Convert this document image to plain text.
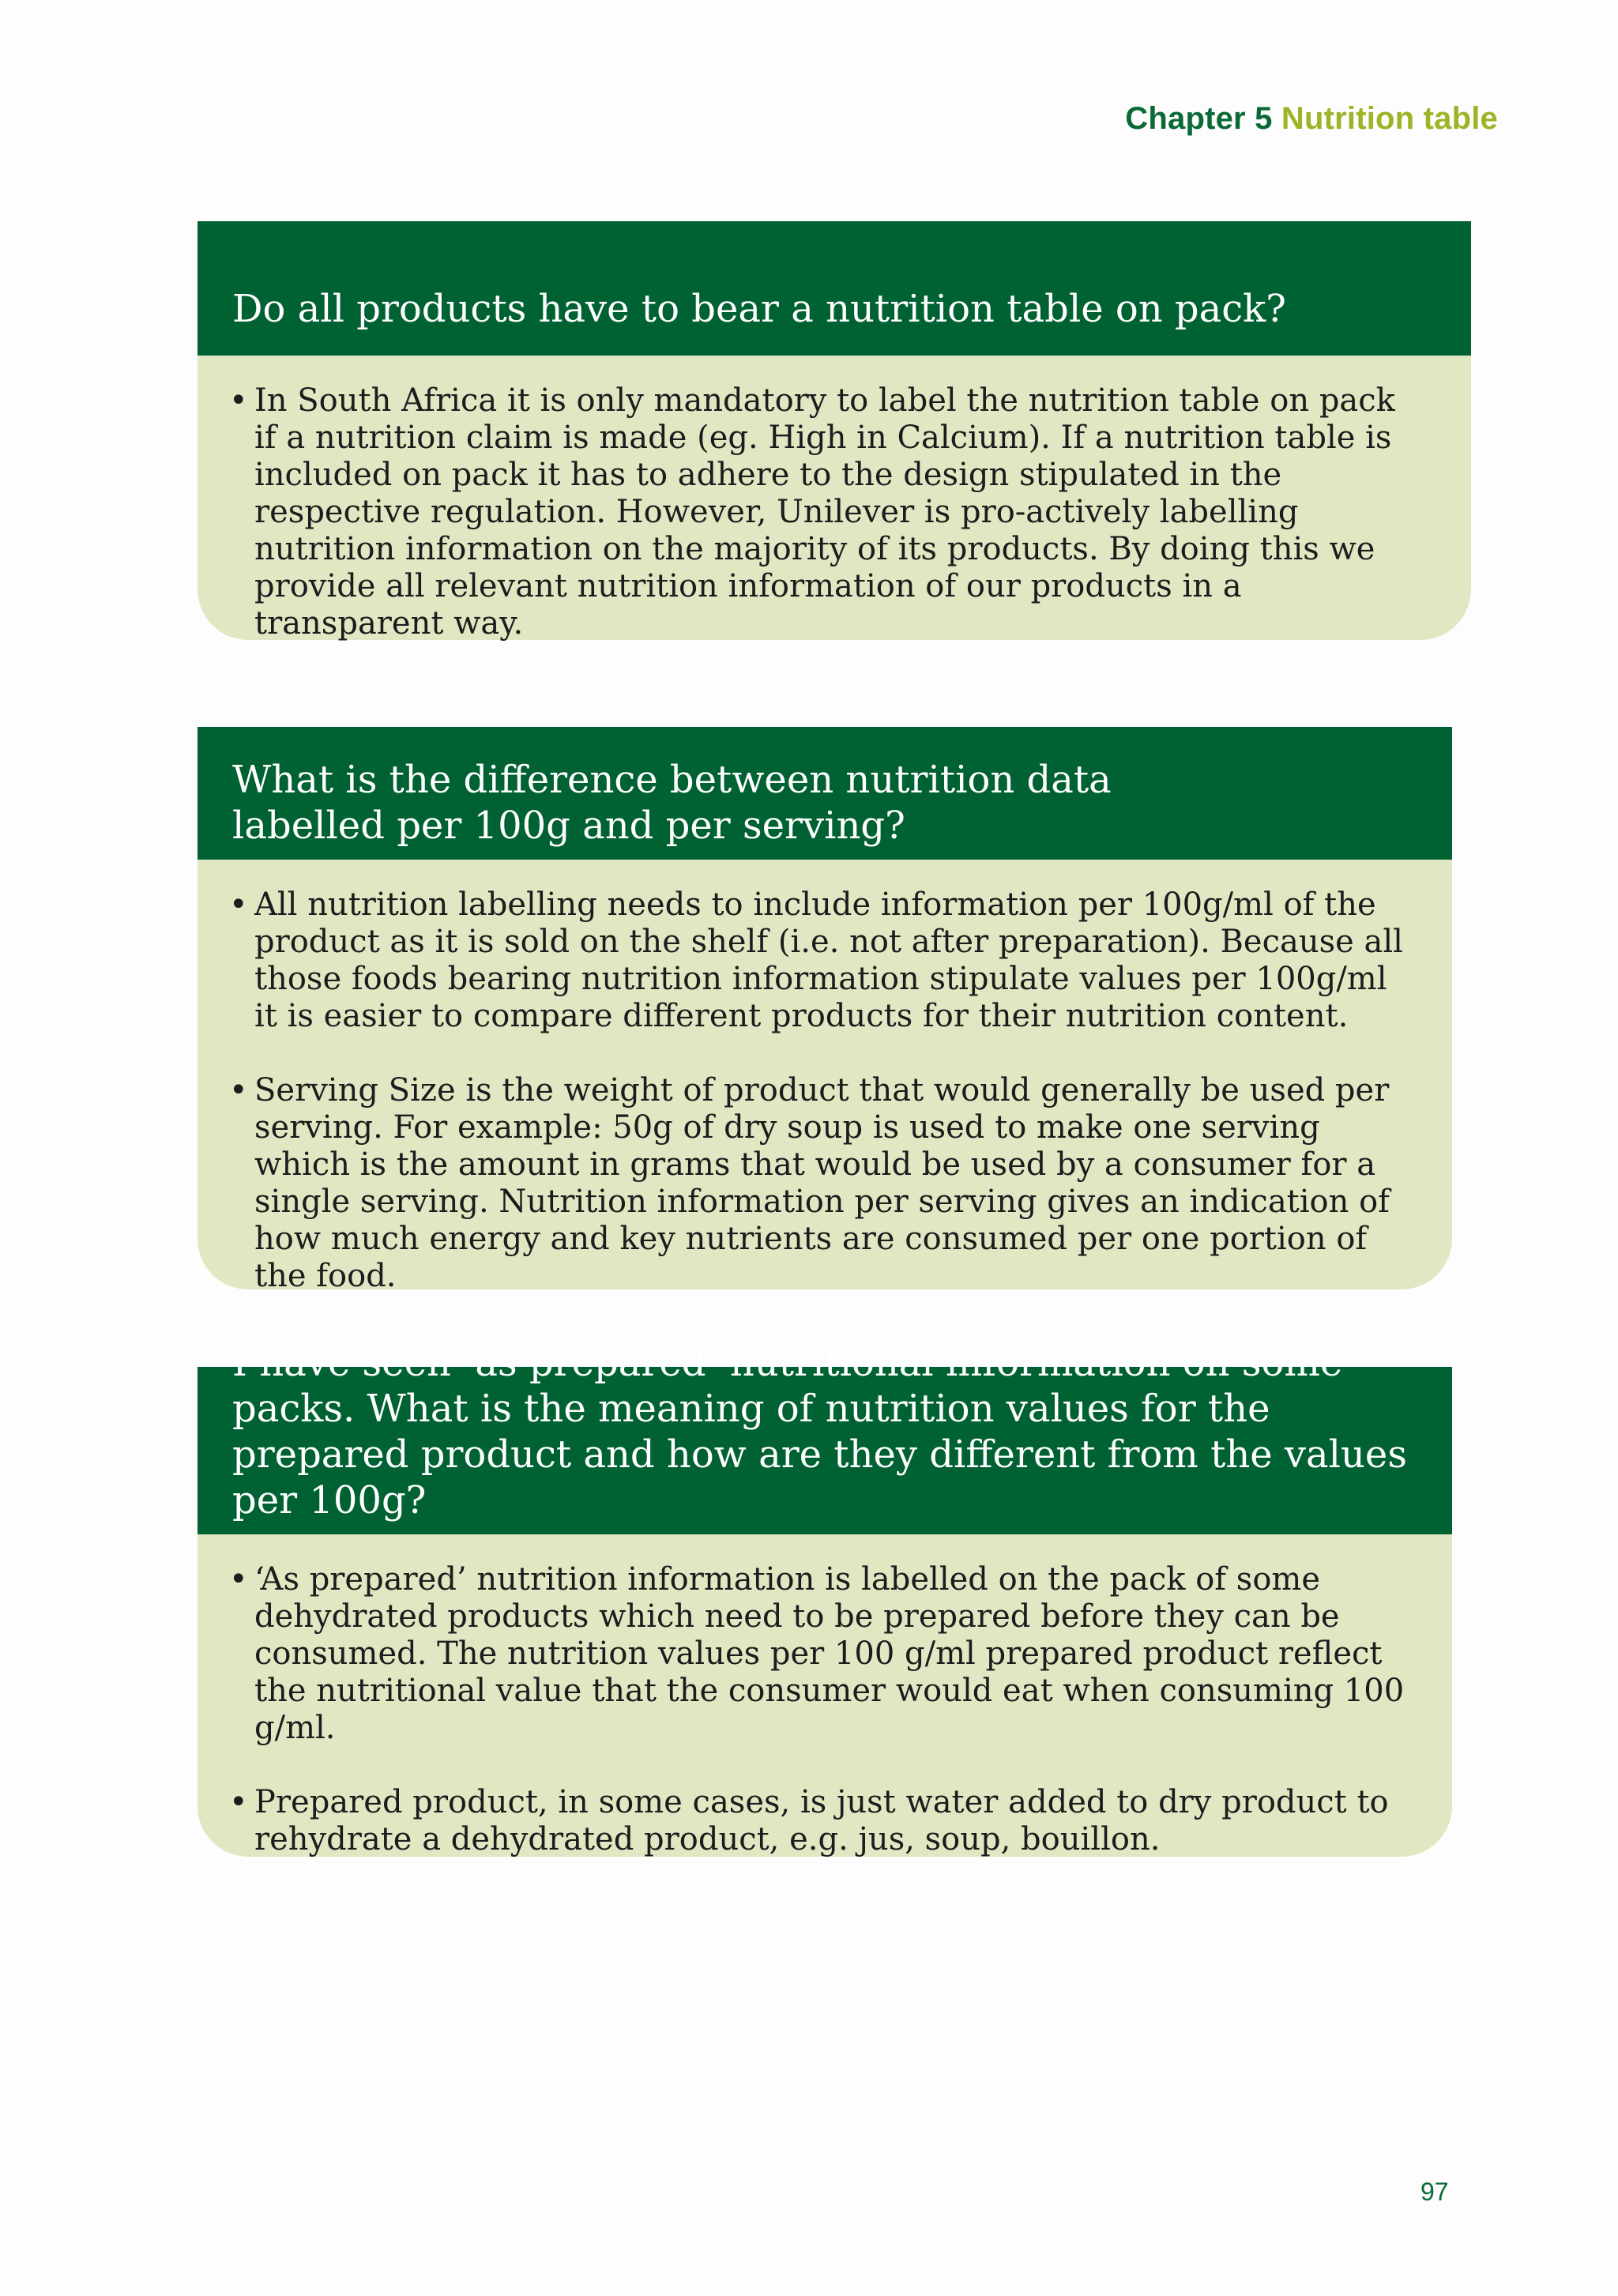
Chapter 5 Nutrition table
Do all products have to bear a nutrition table on pack?
• In South Africa it is only mandatory to label the nutrition table on pack if a nutrition claim is made (eg. High in Calcium). If a nutrition table is included on pack it has to adhere to the design stipulated in the respective regulation. However, Unilever is pro-actively labelling nutrition information on the majority of its products. By doing this we provide all relevant nutrition information of our products in a transparent way.
What is the difference between nutrition data labelled per 100g and per serving?
• All nutrition labelling needs to include information per 100g/ml of the product as it is sold on the shelf (i.e. not after preparation). Because all those foods bearing nutrition information stipulate values per 100g/ml it is easier to compare different products for their nutrition content.
• Serving Size is the weight of product that would generally be used per serving. For example: 50g of dry soup is used to make one serving which is the amount in grams that would be used by a consumer for a single serving. Nutrition information per serving gives an indication of how much energy and key nutrients are consumed per one portion of the food.
I have seen ‘as prepared’ nutritional information on some packs. What is the meaning of nutrition values for the prepared product and how are they different from the values per 100g?
• ‘As prepared’ nutrition information is labelled on the pack of some dehydrated products which need to be prepared before they can be consumed. The nutrition values per 100 g/ml prepared product reflect the nutritional value that the consumer would eat when consuming 100 g/ml.
• Prepared product, in some cases, is just water added to dry product to rehydrate a dehydrated product, e.g. jus, soup, bouillon.
97
